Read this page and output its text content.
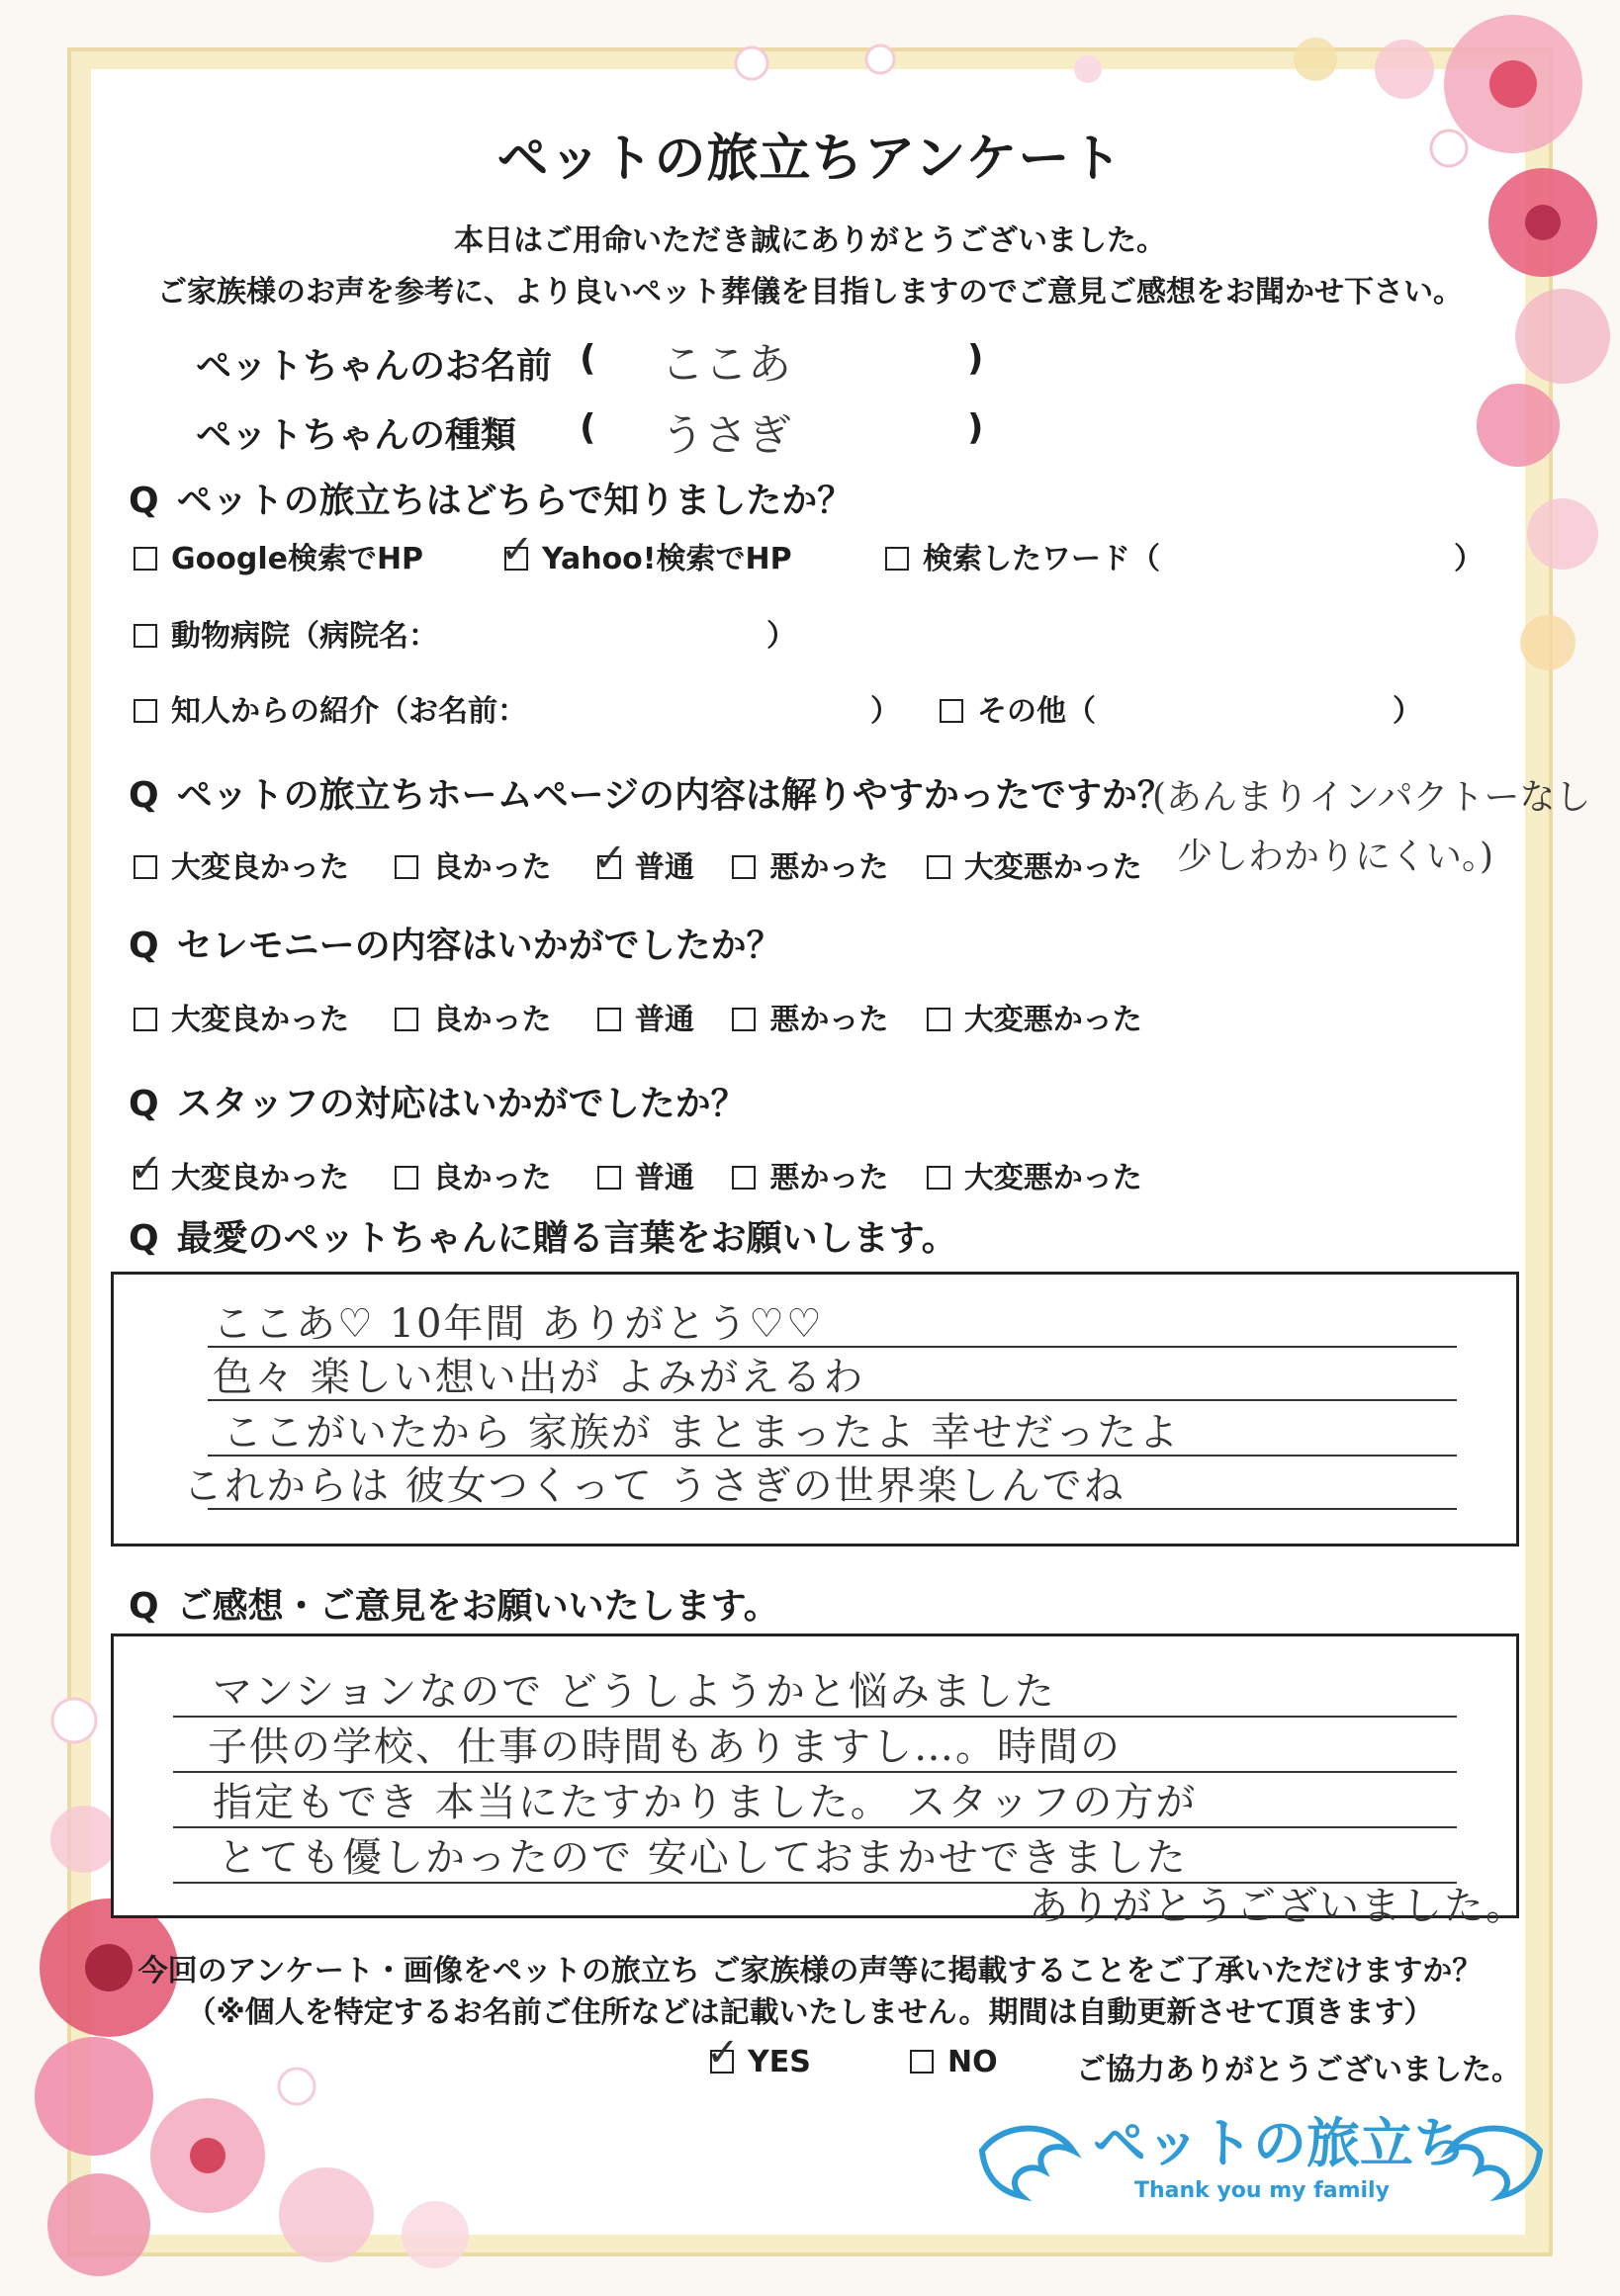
ペットの旅立ちアンケート
本日はご用命いただき誠にありがとうございました。
ご家族様のお声を参考に、より良いペット葬儀を目指しますのでご意見ご感想をお聞かせ下さい。
ペットちゃんのお名前 ( ここあ	)
ペットちゃんの種類 ( うさぎ	)
Q ペットの旅立ちはどちらで知りましたか？
Google検索でHP ✓ Yahoo!検索でHP	検索したワード（	）
動物病院（病院名：	）
知人からの紹介（お名前：	）	その他（	）
Q ペットの旅立ちホームページの内容は解りやすかったですか？
(あんまりインパクトーなし
少しわかりにくい。)
大変良かった	良かった ✓ 普通	悪かった	大変悪かった
Q セレモニーの内容はいかがでしたか？
大変良かった	良かった	普通	悪かった	大変悪かった
Q スタッフの対応はいかがでしたか？
✓ 大変良かった	良かった	普通	悪かった	大変悪かった
Q 最愛のペットちゃんに贈る言葉をお願いします。
ここあ♡ 10年間 ありがとう♡♡
色々 楽しい想い出が よみがえるわ
ここがいたから 家族が まとまったよ 幸せだったよ
これからは 彼女つくって うさぎの世界楽しんでね
Q ご感想・ご意見をお願いいたします。
マンションなので どうしようかと悩みました
子供の学校、仕事の時間もありますし…。時間の
指定もでき 本当にたすかりました。 スタッフの方が
とても優しかったので 安心しておまかせできました
ありがとうございました。
今回のアンケート・画像をペットの旅立ち ご家族様の声等に掲載することをご了承いただけますか？
（※個人を特定するお名前ご住所などは記載いたしません。期間は自動更新させて頂きます）
✓ YES	NO	ご協力ありがとうございました。
ペットの旅立ち
Thank you my family
